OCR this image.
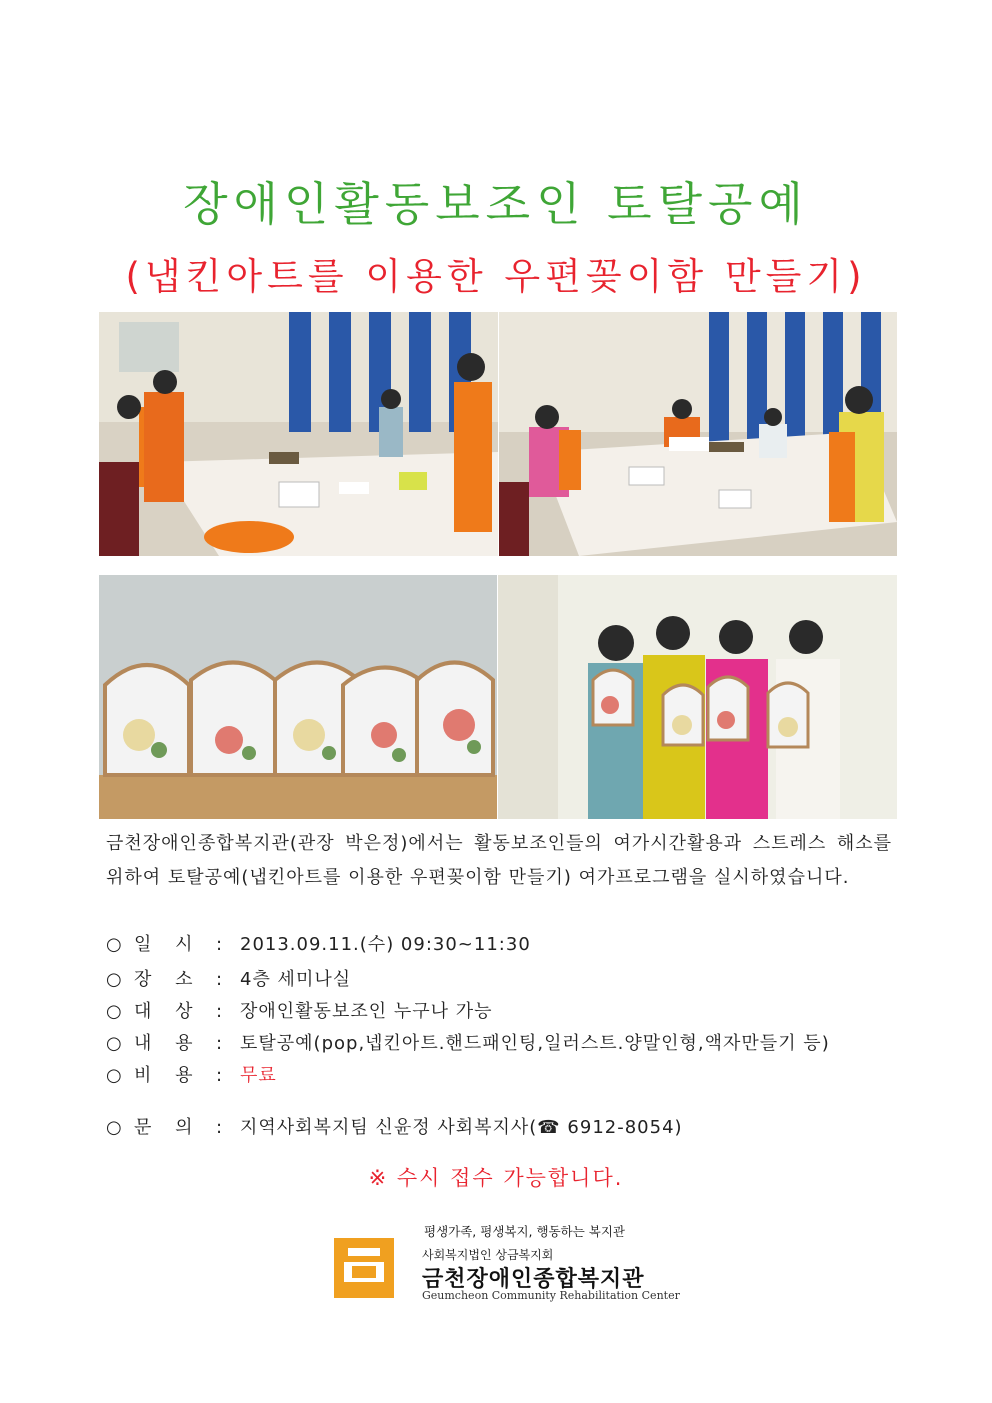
장애인활동보조인 토탈공예
(냅킨아트를 이용한 우편꽂이함 만들기)
금천장애인종합복지관(관장 박은정)에서는 활동보조인들의 여가시간활용과 스트레스 해소를 위하여 토탈공예(냅킨아트를 이용한 우편꽂이함 만들기) 여가프로그램을 실시하였습니다.
○ 일 시 : 2013.09.11.(수) 09:30~11:30
○ 장 소 : 4층 세미나실
○ 대 상 : 장애인활동보조인 누구나 가능
○ 내 용 : 토탈공예(pop,넵킨아트.핸드패인팅,일러스트.양말인형,액자만들기 등)
○ 비 용 : 무료
○ 문 의 : 지역사회복지팀 신윤정 사회복지사(☎ 6912-8054)
※ 수시 접수 가능합니다.
평생가족, 평생복지, 행동하는 복지관
사회복지법인 상금복지회
금천장애인종합복지관
Geumcheon Community Rehabilitation Center
